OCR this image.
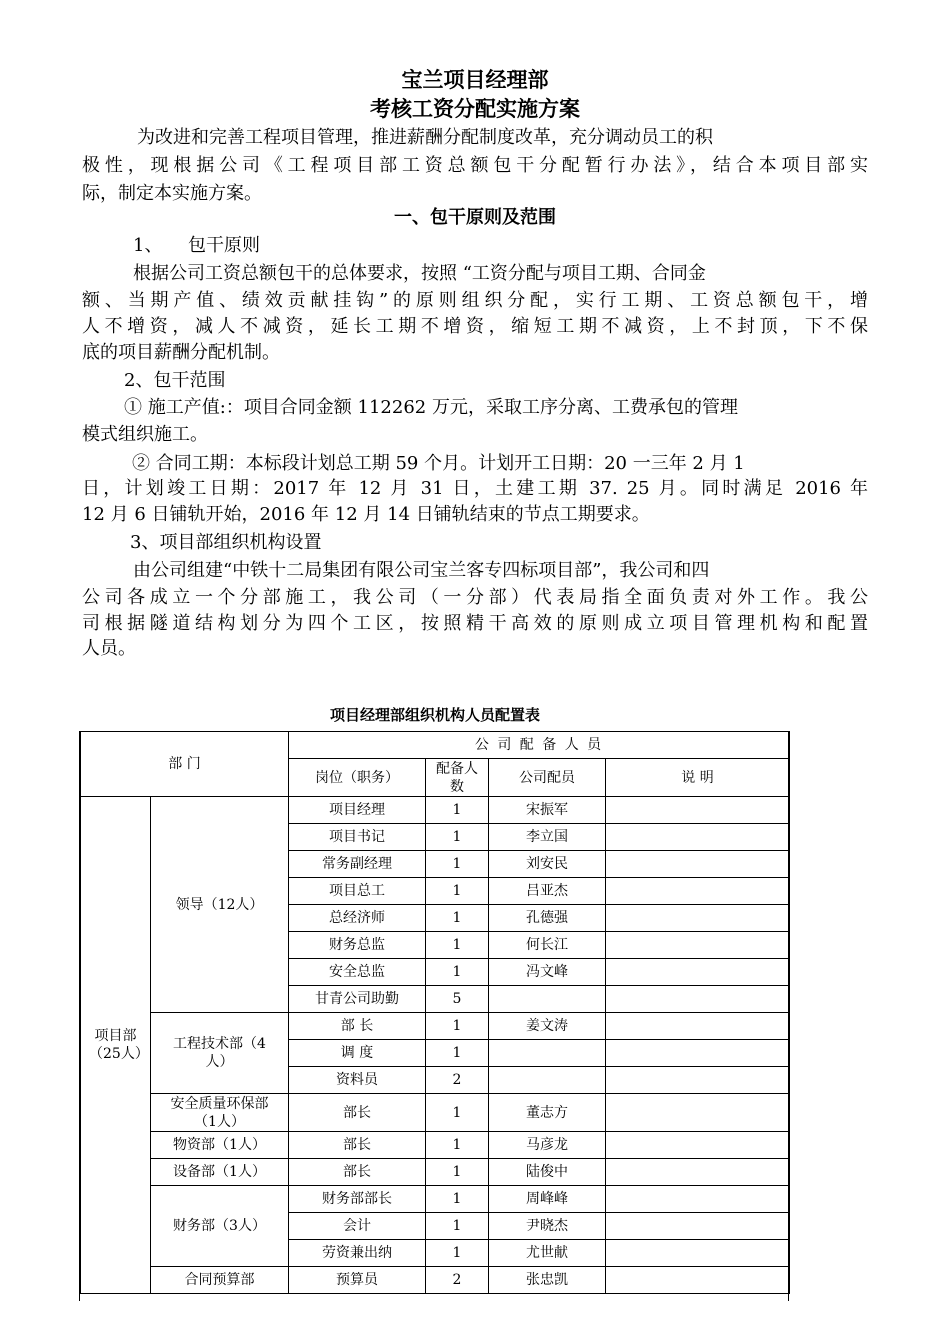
宝兰项目经理部
考核工资分配实施方案
为改进和完善工程项目管理，推进薪酬分配制度改革，充分调动员工的积
极性，现根据公司《工程项目部工资总额包干分配暂行办法》，结合本项目部实
际，制定本实施方案。
一、包干原则及范围
1、 包干原则
根据公司工资总额包干的总体要求，按照 “工资分配与项目工期、合同金
额、当期产值、绩效贡献挂钩”的原则组织分配，实行工期、工资总额包干，增
人不增资，减人不减资，延长工期不增资，缩短工期不减资，上不封顶，下不保
底的项目薪酬分配机制。
2、包干范围
① 施工产值:：项目合同金额 112262 万元，采取工序分离、工费承包的管理
模式组织施工。
② 合同工期：本标段计划总工期 59 个月。计划开工日期：20 一三年 2 月 1
日，计划竣工日期：2017 年 12 月 31 日，土建工期 37. 25 月。同时满足 2016 年
12 月 6 日铺轨开始，2016 年 12 月 14 日铺轨结束的节点工期要求。
3、项目部组织机构设置
由公司组建“中铁十二局集团有限公司宝兰客专四标项目部”，我公司和四
公司各成立一个分部施工，我公司（一分部）代表局指全面负责对外工作。我公
司根据隧道结构划分为四个工区，按照精干高效的原则成立项目管理机构和配置
人员。
项目经理部组织机构人员配置表
部 门		公 司 配 备 人 员			
		岗位（职务）	配备人数	公司配员	说 明
项目部（25人）	领导（12人）	项目经理	1	宋振军	
		项目书记	1	李立国	
		常务副经理	1	刘安民	
		项目总工	1	吕亚杰	
		总经济师	1	孔德强	
		财务总监	1	何长江	
		安全总监	1	冯文峰	
		甘青公司助勤	5		
	工程技术部（4人）	部 长	1	姜文涛	
		调 度	1		
		资料员	2		
	安全质量环保部（1人）	部长	1	董志方	
	物资部（1人）	部长	1	马彦龙	
	设备部（1人）	部长	1	陆俊中	
	财务部（3人）	财务部部长	1	周峰峰	
		会计	1	尹晓杰	
		劳资兼出纳	1	尤世献	
	合同预算部	预算员	2	张忠凯	
